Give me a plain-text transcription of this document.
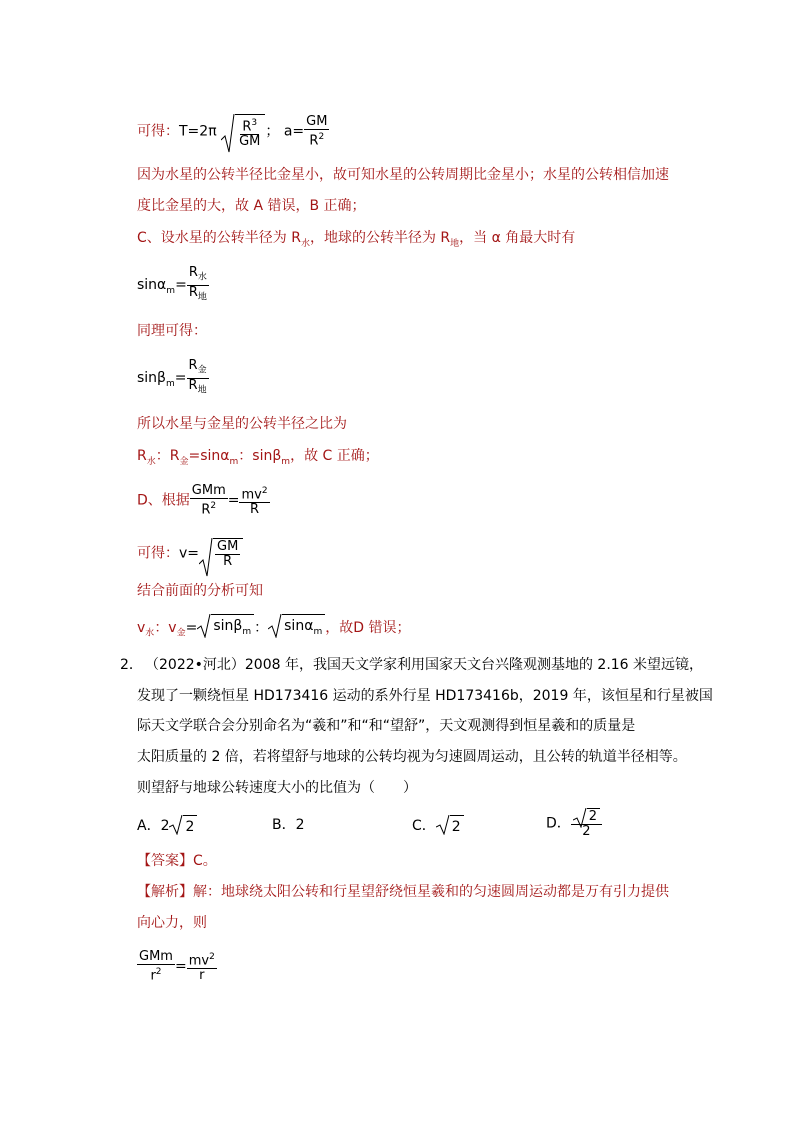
可得：$T=2\pi \frac{R^3}{GM}$ ； $a= \frac{GM}{R^2}$
因为水星的公转半径比金星小，故可知水星的公转周期比金星小；水星的公转相信加速
度比金星的大，故 A 错误，B 正确；
C、设水星的公转半径为 $R_水$，地球的公转半径为 $R_地$，当 α 角最大时有
$\sin\alpha_m= \frac{R_水}{R_地}$
同理可得：
$\sin\beta_m= \frac{R_金}{R_地}$
所以水星与金星的公转半径之比为
$R_水$：$R_金=\sin\alpha_m$：sinβ$_m$，故 C 正确；
D、根据 $\frac{\text{GMm}}{R^2} = \frac{mv^2}{R}$
可得：$v= \frac{GM}{R}$
结合前面的分析可知
$v_水$：$v_金= \sin\beta_m$ ： sinα$_m$ ，故D 错误；
2． （2022•河北）2008 年，我国天文学家利用国家天文台兴隆观测基地的 2.16 米望远镜，
发现了一颗绕恒星 HD173416 运动的系外行星 HD173416b，2019 年，该恒星和行星被国
际天文学联合会分别命名为“羲和”和“和“望舒”，天文观测得到恒星羲和的质量是
太阳质量的 2 倍，若将望舒与地球的公转均视为匀速圆周运动，且公转的轨道半径相等。
则望舒与地球公转速度大小的比值为（　　）
A．2 2	B．2	C． 2	D． $\frac{2}{2}$
【答案】C。
【解析】解：地球绕太阳公转和行星望舒绕恒星羲和的匀速圆周运动都是万有引力提供
向心力，则
$\frac{\text{GMm}}{r^2} = \frac{mv^2}{r}$
